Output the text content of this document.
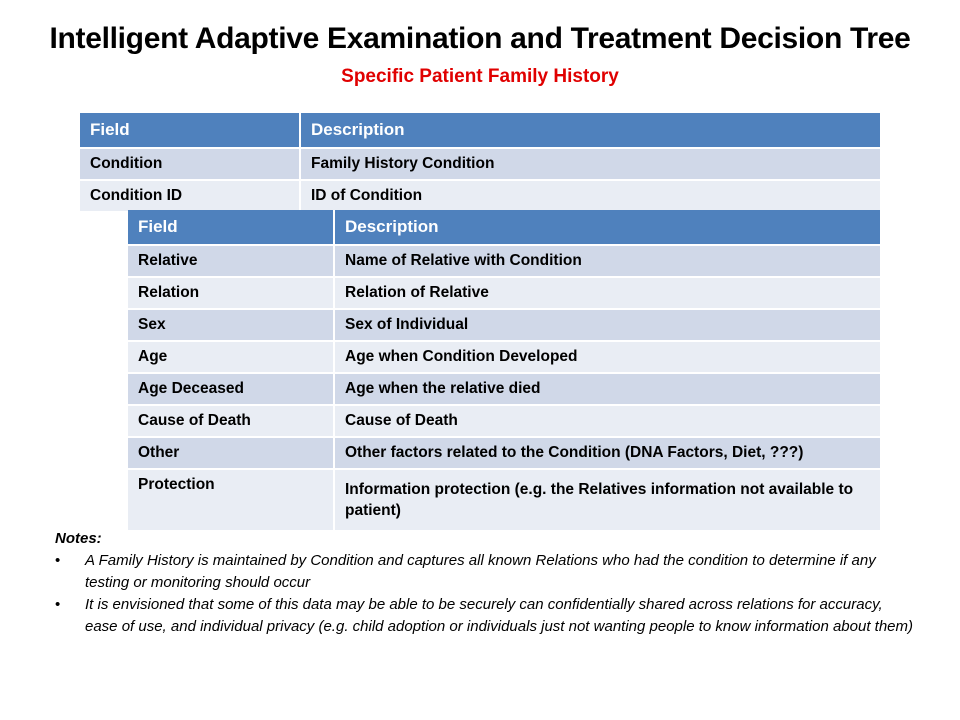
Intelligent Adaptive Examination and Treatment Decision Tree
Specific Patient Family History
Field	Description
Condition	Family History Condition
Condition ID	ID of Condition
Field	Description
Relative	Name of Relative with Condition
Relation	Relation of Relative
Sex	Sex of Individual
Age	Age when Condition Developed
Age Deceased	Age when the relative died
Cause of Death	Cause of Death
Other	Other factors related to the Condition (DNA Factors, Diet, ???)
Protection	Information protection (e.g. the Relatives information not available to patient)
Notes:
• A Family History is maintained by Condition and captures all known Relations who had the condition to determine if any testing or monitoring should occur
• It is envisioned that some of this data may be able to be securely can confidentially shared across relations for accuracy, ease of use, and individual privacy (e.g. child adoption or individuals just not wanting people to know information about them)
